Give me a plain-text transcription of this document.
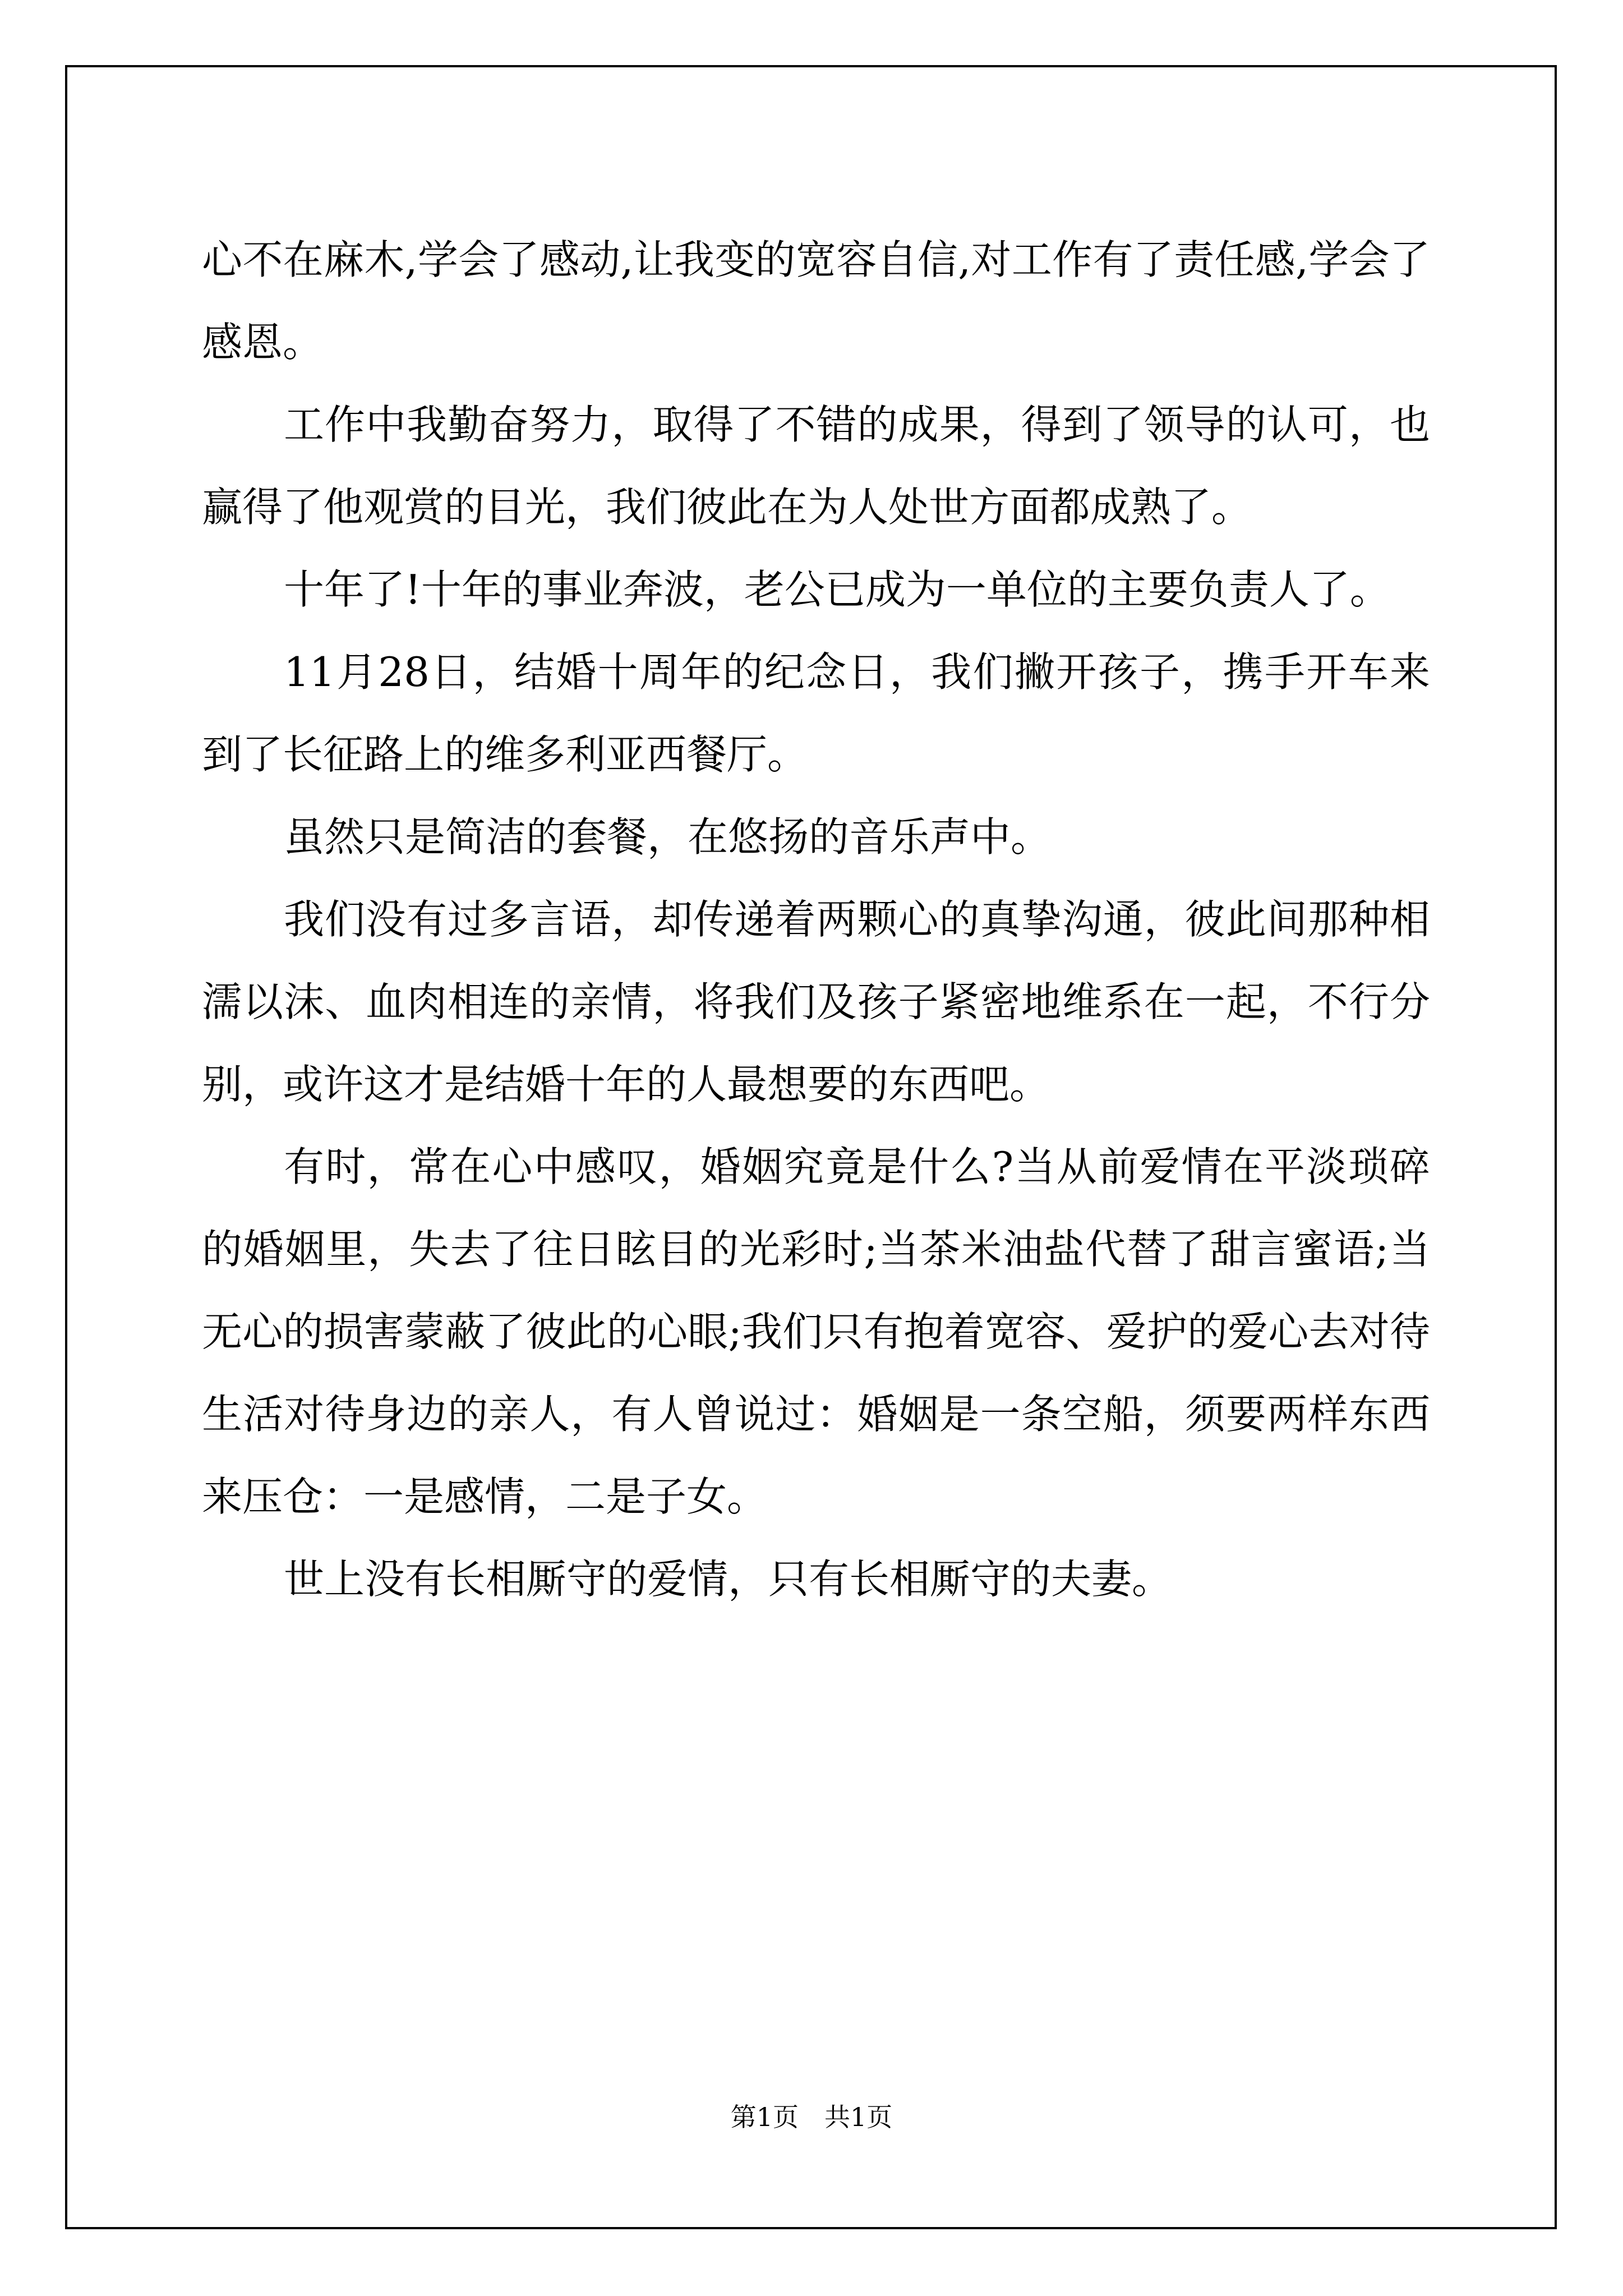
心不在麻木,学会了感动,让我变的宽容自信,对工作有了责任感,学会了感恩。

工作中我勤奋努力，取得了不错的成果，得到了领导的认可，也赢得了他观赏的目光，我们彼此在为人处世方面都成熟了。

十年了!十年的事业奔波，老公已成为一单位的主要负责人了。

11月28日，结婚十周年的纪念日，我们撇开孩子，携手开车来到了长征路上的维多利亚西餐厅。

虽然只是简洁的套餐，在悠扬的音乐声中。

我们没有过多言语，却传递着两颗心的真挚沟通，彼此间那种相濡以沫、血肉相连的亲情，将我们及孩子紧密地维系在一起，不行分别，或许这才是结婚十年的人最想要的东西吧。

有时，常在心中感叹，婚姻究竟是什么?当从前爱情在平淡琐碎的婚姻里，失去了往日眩目的光彩时;当茶米油盐代替了甜言蜜语;当无心的损害蒙蔽了彼此的心眼;我们只有抱着宽容、爱护的爱心去对待生活对待身边的亲人，有人曾说过：婚姻是一条空船，须要两样东西来压仓：一是感情，二是子女。

世上没有长相厮守的爱情，只有长相厮守的夫妻。

第1页 共1页
